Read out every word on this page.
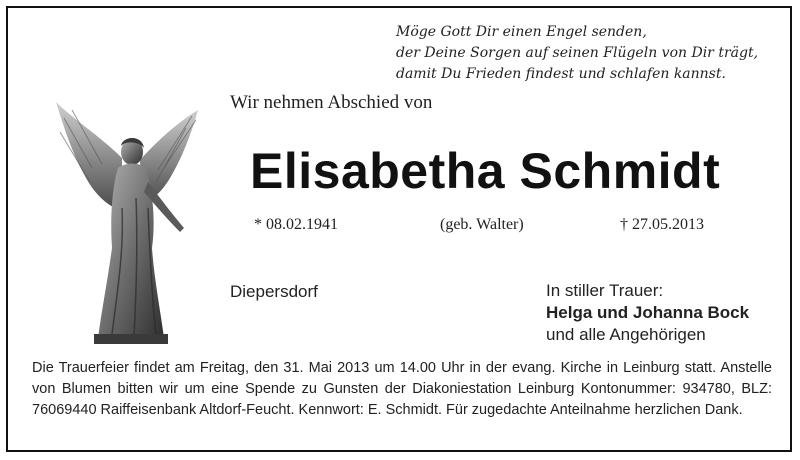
Möge Gott Dir einen Engel senden,
der Deine Sorgen auf seinen Flügeln von Dir trägt,
damit Du Frieden findest und schlafen kannst.
Wir nehmen Abschied von
Elisabetha Schmidt
* 08.02.1941	(geb. Walter)	† 27.05.2013
Diepersdorf	In stiller Trauer:
Helga und Johanna Bock
und alle Angehörigen
Die Trauerfeier findet am Freitag, den 31. Mai 2013 um 14.00 Uhr in der evang. Kirche in Leinburg statt. Anstelle von Blumen bitten wir um eine Spende zu Gunsten der Diakoniestation Leinburg Kontonummer: 934780, BLZ: 76069440 Raiffeisenbank Altdorf-Feucht. Kennwort: E. Schmidt. Für zugedachte Anteilnahme herzlichen Dank.
